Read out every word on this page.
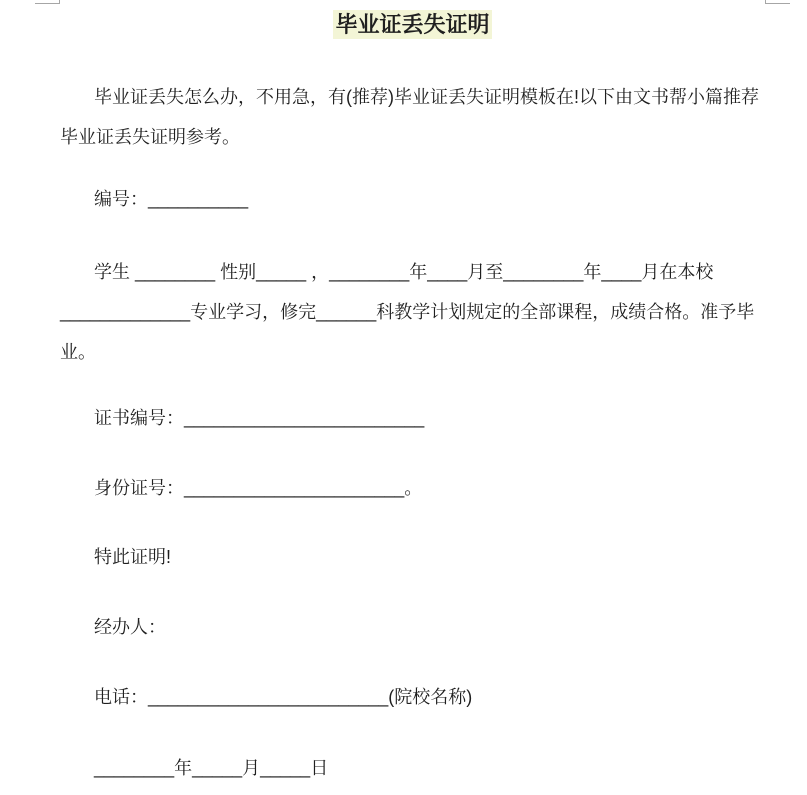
毕业证丢失证明

毕业证丢失怎么办，不用急，有(推荐)毕业证丢失证明模板在!以下由文书帮小篇推荐
毕业证丢失证明参考。

编号：__________

学生 ________ 性别_____ ，________年____月至________年____月在本校
_____________专业学习，修完______科教学计划规定的全部课程，成绩合格。准予毕
业。

证书编号：________________________

身份证号：______________________。

特此证明!

经办人：

电话：________________________(院校名称)

________年_____月_____日
